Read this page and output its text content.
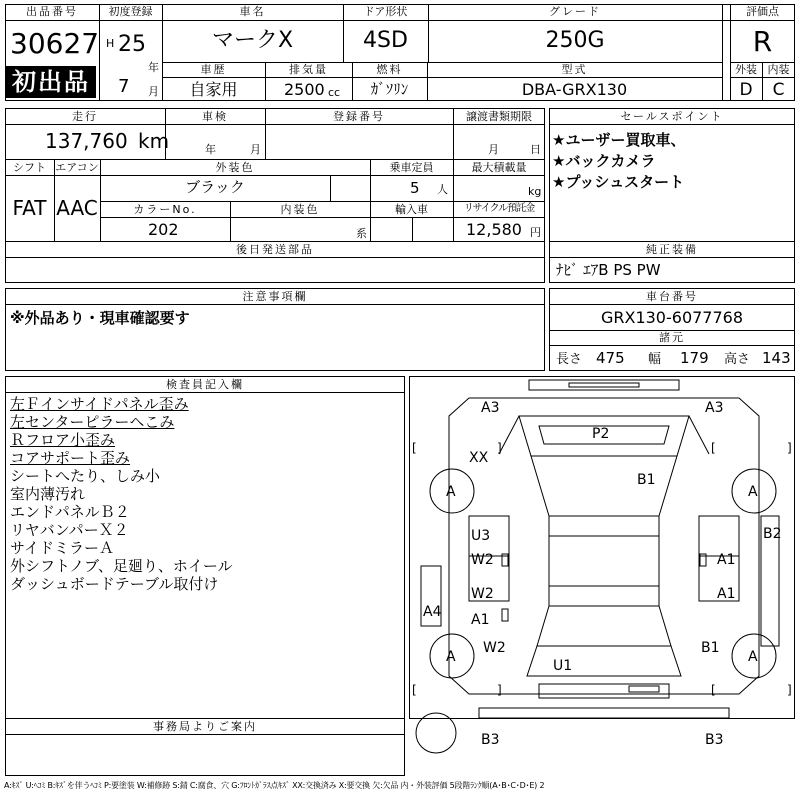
出品番号
30627
初出品
初度登録
H 25
年
7 月
車名
マークX
ドア形状
4SD
グレード
250G
評価点
R
外装 内装
D	C
車歴
自家用
排気量
2500 cc
燃料
ｶﾞｿﾘﾝ
型式
DBA-GRX130
セールスポイント
★ユーザー買取車、
★バックカメラ
★プッシュスタート
走行
137,760 km
車検
年	月
登録番号	譲渡書類期限
月	日
シフト
FAT
エアコン
AAC
外装色
ブラック
乗車定員
5 人
最大積載量
kg
カラーNo.
202
内装色
系
輸入車	リサイクル預託金
12,580 円
後日発送部品	純正装備
ﾅﾋﾞ ｴｱB PS PW
注意事項欄
※外品あり・現車確認要す
車台番号
GRX130-6077768
諸元
長さ 475 幅 179 高さ 143
検査員記入欄
左Ｆインサイドパネル歪み
左センターピラーヘこみ
Ｒフロア小歪み
コアサポート歪み
シートへたり、しみ小
室内薄汚れ
エンドパネルＢ２
リヤバンパーＸ２
サイドミラーＡ
外シフトノブ、足廻り、ホイール
ダッシュボードテーブル取付け
A3	A3
P2
XX
B1
A	A
U3
W2	A1
B2
W2
A1
A1
A4
W2	B1
A	A
U1
B3	B3
[	]	[	]
[	]	[	]
事務局よりご案内
A:ｷｽﾞ U:ﾍｺﾐ B:ｷｽﾞを伴うﾍｺﾐ P:要塗装 W:補修跡 S:錆 C:腐食、穴 G:ﾌﾛﾝﾄｶﾞﾗｽ点ｷｽﾞ XX:交換済み X:要交換 欠:欠品 内・外装評価 5段階ﾗﾝｸ順(A･B･C･D･E) 2
